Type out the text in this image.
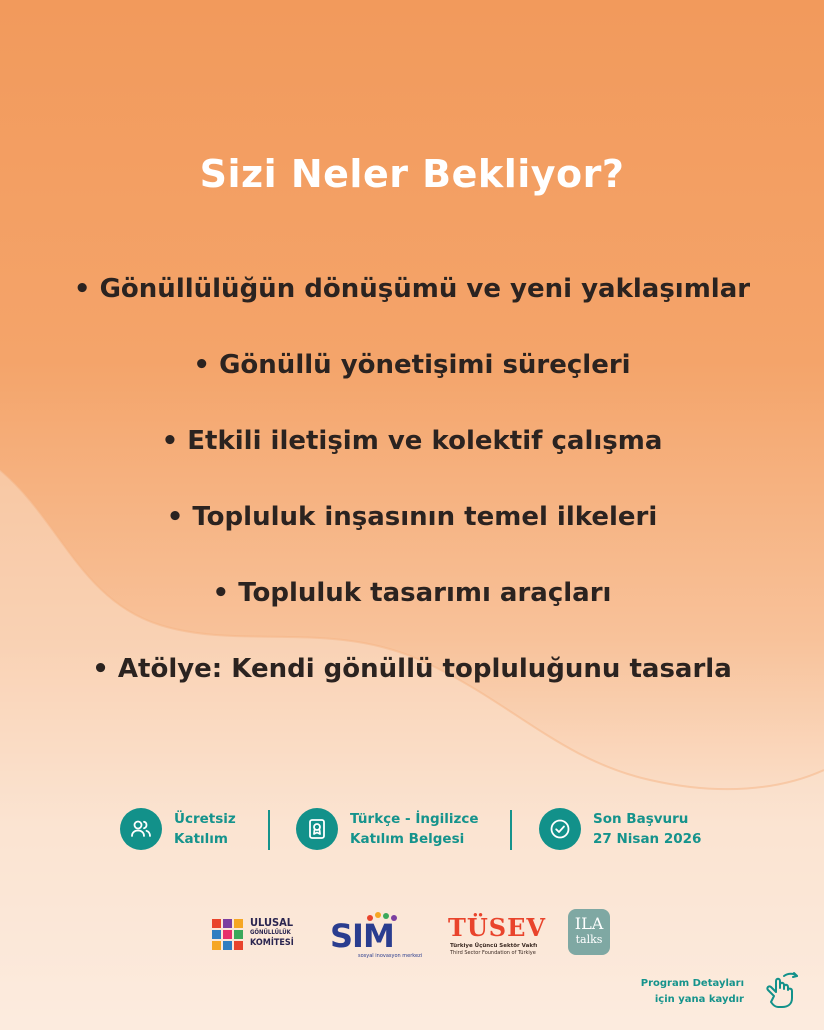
Sizi Neler Bekliyor?
• Gönüllülüğün dönüşümü ve yeni yaklaşımlar
• Gönüllü yönetişimi süreçleri
• Etkili iletişim ve kolektif çalışma
• Topluluk inşasının temel ilkeleri
• Topluluk tasarımı araçları
• Atölye: Kendi gönüllü topluluğunu tasarla
Ücretsiz
Katılım
Türkçe - İngilizce
Katılım Belgesi
Son Başvuru
27 Nisan 2026
ULUSAL
GÖNÜLLÜLÜK
KOMİTESİ SIM
sosyal inovasyon merkezi
TÜSEV
Türkiye Üçüncü Sektör Vakfı
Third Sector Foundation of Türkiye
ILA
talks
Program Detayları
için yana kaydır
